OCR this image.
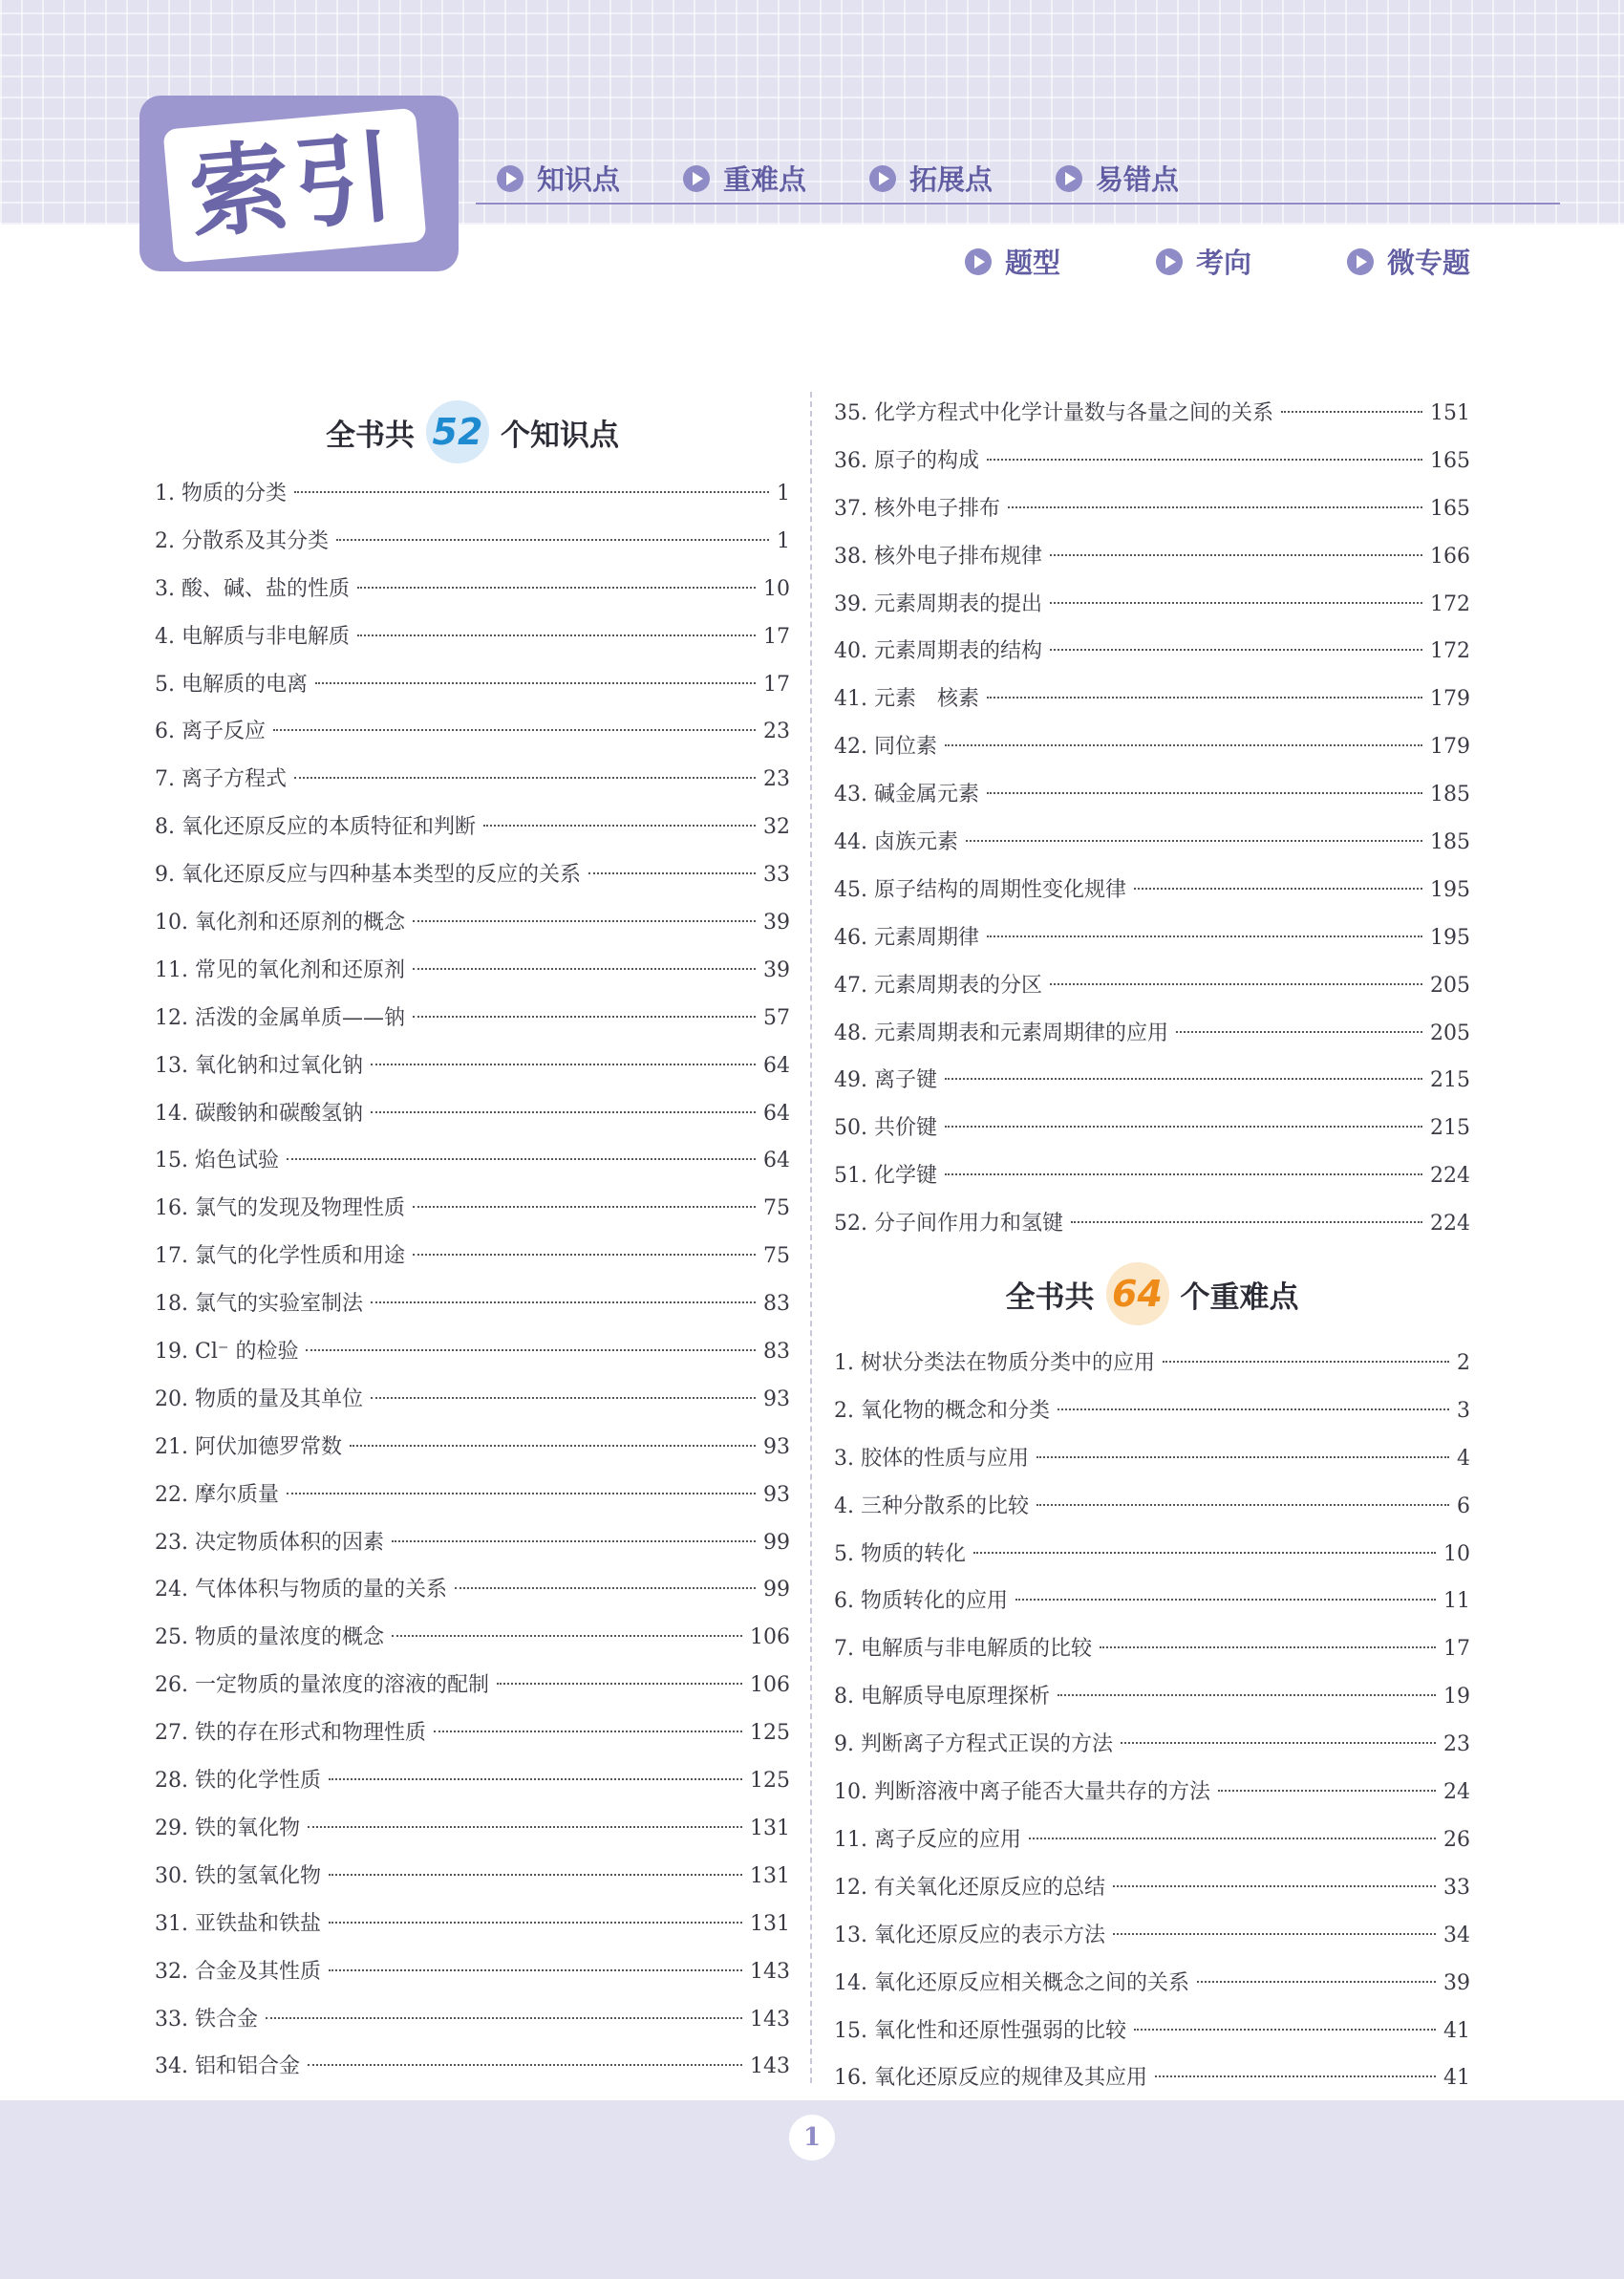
索引	知识点	重难点	拓展点	易错点
题型	考向	微专题
全书共 52 个知识点
1. 物质的分类	1
2. 分散系及其分类	1
3. 酸、碱、盐的性质	10
4. 电解质与非电解质	17
5. 电解质的电离	17
6. 离子反应	23
7. 离子方程式	23
8. 氧化还原反应的本质特征和判断	32
9. 氧化还原反应与四种基本类型的反应的关系	33
10. 氧化剂和还原剂的概念	39
11. 常见的氧化剂和还原剂	39
12. 活泼的金属单质——钠	57
13. 氧化钠和过氧化钠	64
14. 碳酸钠和碳酸氢钠	64
15. 焰色试验	64
16. 氯气的发现及物理性质	75
17. 氯气的化学性质和用途	75
18. 氯气的实验室制法	83
19. Cl⁻ 的检验	83
20. 物质的量及其单位	93
21. 阿伏加德罗常数	93
22. 摩尔质量	93
23. 决定物质体积的因素	99
24. 气体体积与物质的量的关系	99
25. 物质的量浓度的概念	106
26. 一定物质的量浓度的溶液的配制	106
27. 铁的存在形式和物理性质	125
28. 铁的化学性质	125
29. 铁的氧化物	131
30. 铁的氢氧化物	131
31. 亚铁盐和铁盐	131
32. 合金及其性质	143
33. 铁合金	143
34. 铝和铝合金	143
35. 化学方程式中化学计量数与各量之间的关系	151
36. 原子的构成	165
37. 核外电子排布	165
38. 核外电子排布规律	166
39. 元素周期表的提出	172
40. 元素周期表的结构	172
41. 元素　核素	179
42. 同位素	179
43. 碱金属元素	185
44. 卤族元素	185
45. 原子结构的周期性变化规律	195
46. 元素周期律	195
47. 元素周期表的分区	205
48. 元素周期表和元素周期律的应用	205
49. 离子键	215
50. 共价键	215
51. 化学键	224
52. 分子间作用力和氢键	224
全书共 64 个重难点
1. 树状分类法在物质分类中的应用	2
2. 氧化物的概念和分类	3
3. 胶体的性质与应用	4
4. 三种分散系的比较	6
5. 物质的转化	10
6. 物质转化的应用	11
7. 电解质与非电解质的比较	17
8. 电解质导电原理探析	19
9. 判断离子方程式正误的方法	23
10. 判断溶液中离子能否大量共存的方法	24
11. 离子反应的应用	26
12. 有关氧化还原反应的总结	33
13. 氧化还原反应的表示方法	34
14. 氧化还原反应相关概念之间的关系	39
15. 氧化性和还原性强弱的比较	41
16. 氧化还原反应的规律及其应用	41
1
